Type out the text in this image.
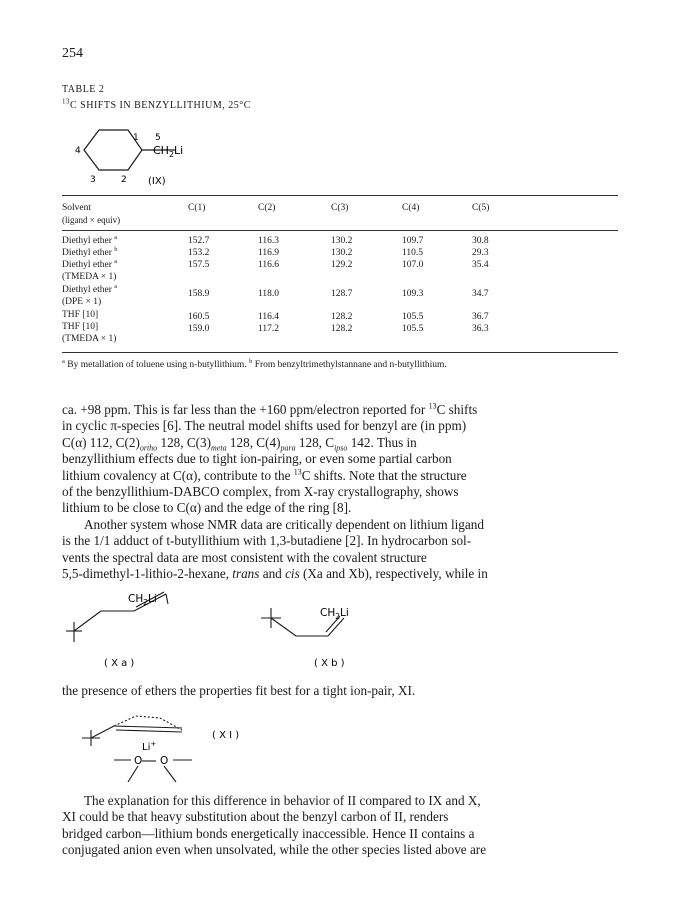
254
TABLE 2
$^{13}$C SHIFTS IN BENZYLLITHIUM, 25°C
1
2
3
4
5
$CH_2Li$
(IX)
Solvent
(ligand × equiv)
C(1)	C(2)	C(3)	C(4)	C(5)
Diethyl ether $^a$	152.7	116.3	130.2	109.7	30.8
Diethyl ether $^b$	153.2	116.9	130.2	110.5	29.3
Diethyl ether $^a$
(TMEDA × 1)
157.5	116.6	129.2	107.0	35.4
Diethyl ether $^a$
(DPE × 1)
158.9	118.0	128.7	109.3	34.7
THF [10]	160.5	116.4	128.2	105.5	36.7
THF [10]
(TMEDA × 1)
159.0	117.2	128.2	105.5	36.3
$^a$ By metallation of toluene using n-butyllithium. $^b$ From benzyltrimethylstannane and n-butyllithium.
ca. +98 ppm. This is far less than the +160 ppm/electron reported for $^{13}$C shifts
in cyclic π-species [6]. The neutral model shifts used for benzyl are (in ppm)
C(α) 112, $C(2)_{ortho}$ 128, $C(3)_{meta}$ 128, $C(4)_{para}$ 128, $C_{ipso}$ 142. Thus in
benzyllithium effects due to tight ion-pairing, or even some partial carbon
lithium covalency at C(α), contribute to the $^{13}$C shifts. Note that the structure
of the benzyllithium-DABCO complex, from X-ray crystallography, shows
lithium to be close to C(α) and the edge of the ring [8].
Another system whose NMR data are critically dependent on lithium ligand
is the 1/1 adduct of t-butyllithium with 1,3-butadiene [2]. In hydrocarbon sol-
vents the spectral data are most consistent with the covalent structure
5,5-dimethyl-1-lithio-2-hexane, trans and cis (Xa and Xb), respectively, while in
$CH_2Li$
( X a )
$CH_2Li$
( X b )
the presence of ethers the properties fit best for a tight ion-pair, XI.
Li+
O O
( X I )
The explanation for this difference in behavior of II compared to IX and X,
XI could be that heavy substitution about the benzyl carbon of II, renders
bridged carbon—lithium bonds energetically inaccessible. Hence II contains a
conjugated anion even when unsolvated, while the other species listed above are
